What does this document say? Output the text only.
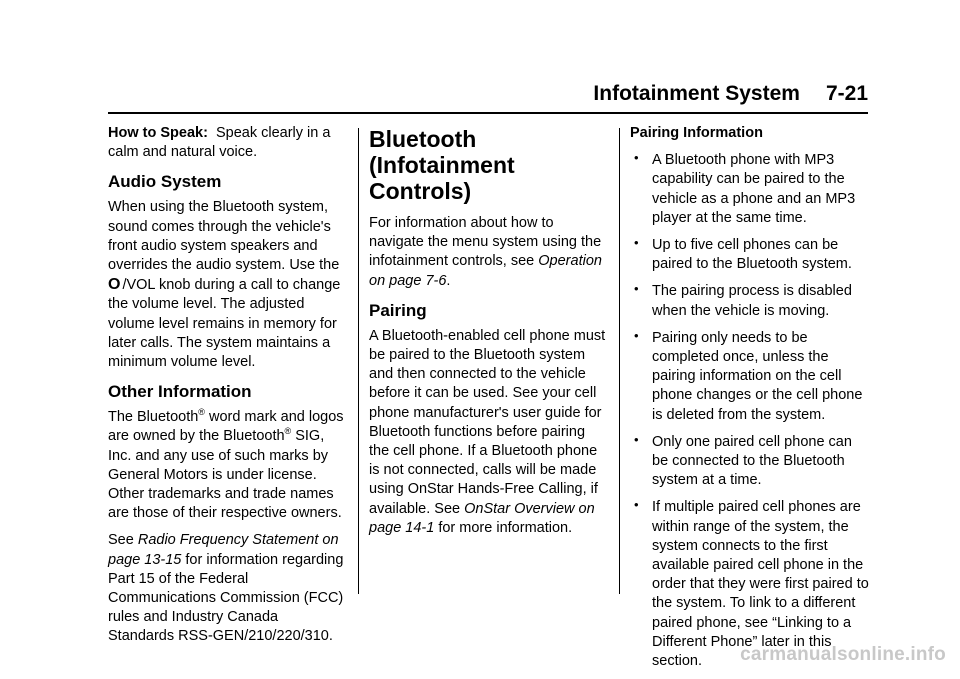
Infotainment System 7-21

How to Speak: Speak clearly in a calm and natural voice.

Audio System

When using the Bluetooth system, sound comes through the vehicle's front audio system speakers and overrides the audio system. Use the O /VOL knob during a call to change the volume level. The adjusted volume level remains in memory for later calls. The system maintains a minimum volume level.

Other Information

The Bluetooth® word mark and logos are owned by the Bluetooth® SIG, Inc. and any use of such marks by General Motors is under license. Other trademarks and trade names are those of their respective owners.

See Radio Frequency Statement on page 13-15 for information regarding Part 15 of the Federal Communications Commission (FCC) rules and Industry Canada Standards RSS-GEN/210/220/310.

Bluetooth (Infotainment Controls)

For information about how to navigate the menu system using the infotainment controls, see Operation on page 7-6.

Pairing

A Bluetooth-enabled cell phone must be paired to the Bluetooth system and then connected to the vehicle before it can be used. See your cell phone manufacturer's user guide for Bluetooth functions before pairing the cell phone. If a Bluetooth phone is not connected, calls will be made using OnStar Hands-Free Calling, if available. See OnStar Overview on page 14-1 for more information.

Pairing Information

• A Bluetooth phone with MP3 capability can be paired to the vehicle as a phone and an MP3 player at the same time.
• Up to five cell phones can be paired to the Bluetooth system.
• The pairing process is disabled when the vehicle is moving.
• Pairing only needs to be completed once, unless the pairing information on the cell phone changes or the cell phone is deleted from the system.
• Only one paired cell phone can be connected to the Bluetooth system at a time.
• If multiple paired cell phones are within range of the system, the system connects to the first available paired cell phone in the order that they were first paired to the system. To link to a different paired phone, see “Linking to a Different Phone” later in this section.	carmanualsonline.info
